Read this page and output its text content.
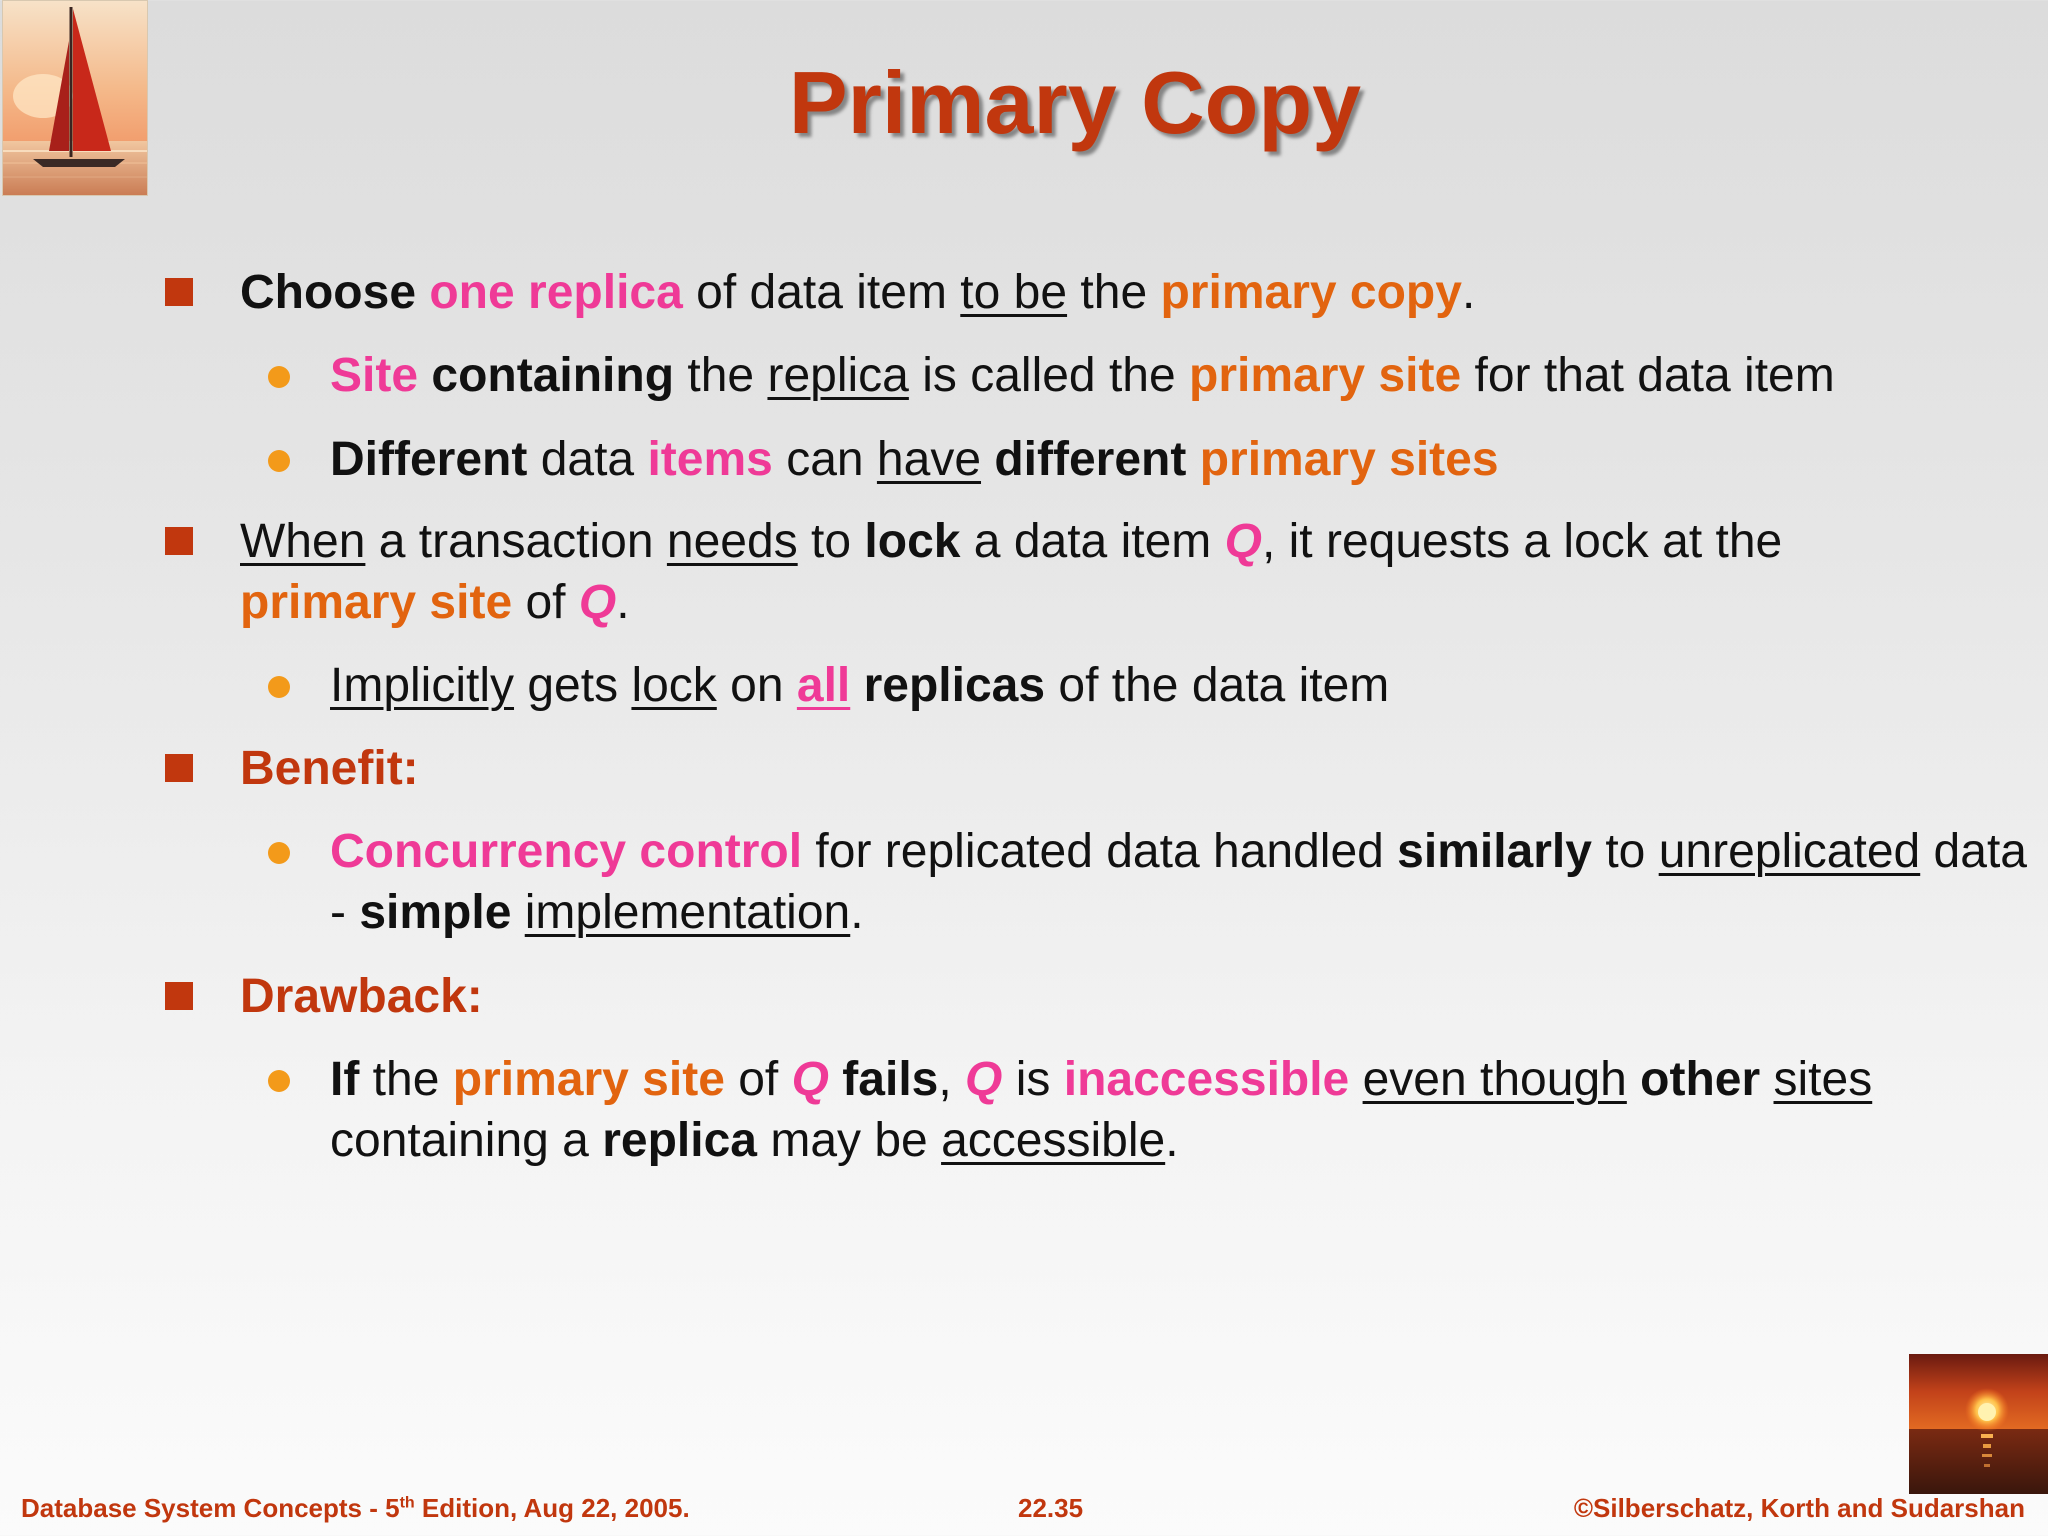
Primary Copy
Choose one replica of data item to be the primary copy.
Site containing the replica is called the primary site for that data item
Different data items can have different primary sites
When a transaction needs to lock a data item Q, it requests a lock at the primary site of Q.
Implicitly gets lock on all replicas of the data item
Benefit:
Concurrency control for replicated data handled similarly to unreplicated data - simple implementation.
Drawback:
If the primary site of Q fails, Q is inaccessible even though other sites containing a replica may be accessible.
Database System Concepts - 5th Edition, Aug 22, 2005.	22.35	©Silberschatz, Korth and Sudarshan
